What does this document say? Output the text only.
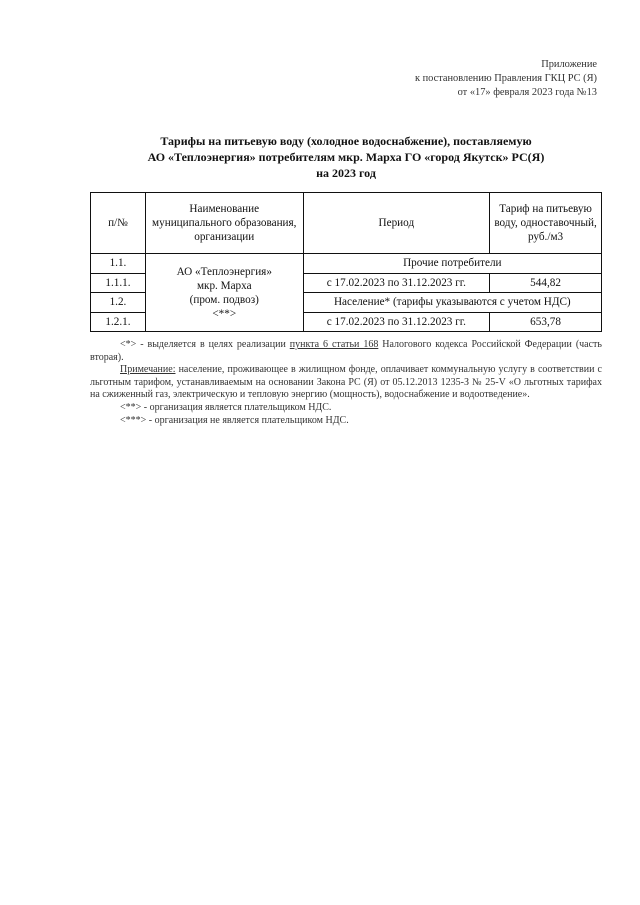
Приложение
к постановлению Правления ГКЦ РС (Я)
от «17» февраля 2023 года №13
Тарифы на питьевую воду (холодное водоснабжение), поставляемую
АО «Теплоэнергия» потребителям мкр. Марха ГО «город Якутск» РС(Я)
на 2023 год
п/№	Наименование муниципального образования, организации	Период	Тариф на питьевую воду, одноставочный, руб./м3
1.1.	АО «Теплоэнергия»
мкр. Марха
(пром. подвоз)
<**>	Прочие потребители	
1.1.1.		с 17.02.2023 по 31.12.2023 гг.	544,82
1.2.		Население* (тарифы указываются с учетом НДС)	
1.2.1.		с 17.02.2023 по 31.12.2023 гг.	653,78

<*> - выделяется в целях реализации пункта 6 статьи 168 Налогового кодекса Российской Федерации (часть вторая).

Примечание: население, проживающее в жилищном фонде, оплачивает коммунальную услугу в соответствии с льготным тарифом, устанавливаемым на основании Закона РС (Я) от 05.12.2013 1235-З № 25-V «О льготных тарифах на сжиженный газ, электрическую и тепловую энергию (мощность), водоснабжение и водоотведение».

<**> - организация является плательщиком НДС.

<***> - организация не является плательщиком НДС.
